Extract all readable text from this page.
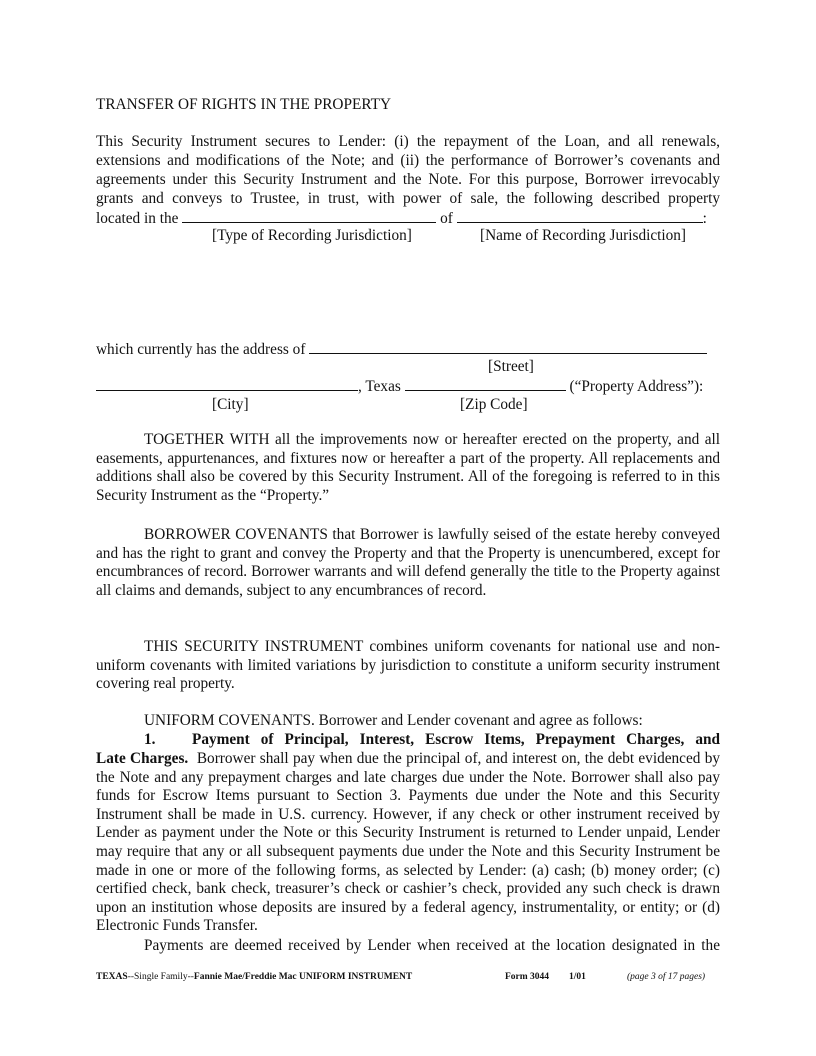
TRANSFER OF RIGHTS IN THE PROPERTY
This Security Instrument secures to Lender: (i) the repayment of the Loan, and all renewals,
extensions and modifications of the Note; and (ii) the performance of Borrower’s covenants and
agreements under this Security Instrument and the Note. For this purpose, Borrower irrevocably
grants and conveys to Trustee, in trust, with power of sale, the following described property
located in the	of	:
[Type of Recording Jurisdiction]	[Name of Recording Jurisdiction]
which currently has the address of
[Street]
, Texas	(“Property Address”):
[City]	[Zip Code]
TOGETHER WITH all the improvements now or hereafter erected on the property, and all easements, appurtenances, and fixtures now or hereafter a part of the property. All replacements and additions shall also be covered by this Security Instrument. All of the foregoing is referred to in this Security Instrument as the “Property.”
BORROWER COVENANTS that Borrower is lawfully seised of the estate hereby conveyed and has the right to grant and convey the Property and that the Property is unencumbered, except for encumbrances of record. Borrower warrants and will defend generally the title to the Property against all claims and demands, subject to any encumbrances of record.
THIS SECURITY INSTRUMENT combines uniform covenants for national use and non-uniform covenants with limited variations by jurisdiction to constitute a uniform security instrument covering real property.
UNIFORM COVENANTS. Borrower and Lender covenant and agree as follows:
1. Payment of Principal, Interest, Escrow Items, Prepayment Charges, and
Late Charges. Borrower shall pay when due the principal of, and interest on, the debt evidenced by the Note and any prepayment charges and late charges due under the Note. Borrower shall also pay funds for Escrow Items pursuant to Section 3. Payments due under the Note and this Security Instrument shall be made in U.S. currency. However, if any check or other instrument received by Lender as payment under the Note or this Security Instrument is returned to Lender unpaid, Lender may require that any or all subsequent payments due under the Note and this Security Instrument be made in one or more of the following forms, as selected by Lender: (a) cash; (b) money order; (c) certified check, bank check, treasurer’s check or cashier’s check, provided any such check is drawn upon an institution whose deposits are insured by a federal agency, instrumentality, or entity; or (d) Electronic Funds Transfer.
Payments are deemed received by Lender when received at the location designated in the
TEXAS--Single Family--Fannie Mae/Freddie Mac UNIFORM INSTRUMENT	Form 3044 1/01	(page 3 of 17 pages)
